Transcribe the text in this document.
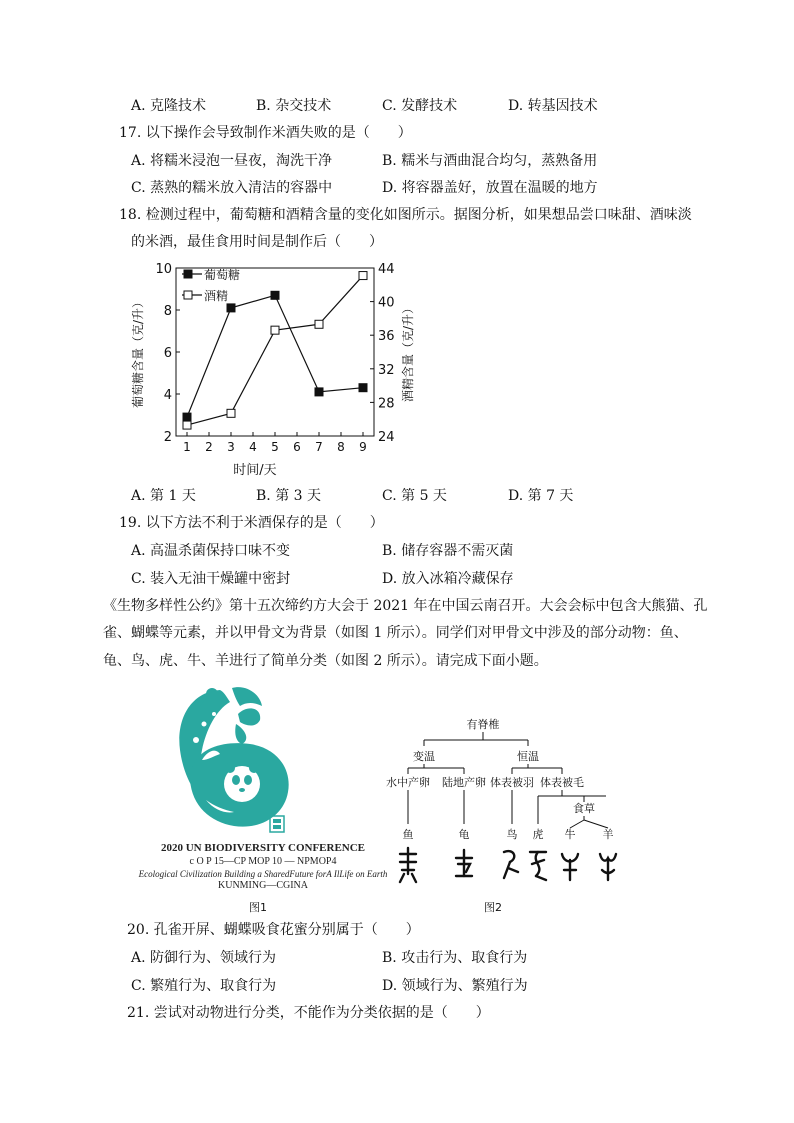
A. 克隆技术	B. 杂交技术	C. 发酵技术	D. 转基因技术
17. 以下操作会导致制作米酒失败的是（　　）
A. 将糯米浸泡一昼夜，淘洗干净	B. 糯米与酒曲混合均匀，蒸熟备用
C. 蒸熟的糯米放入清洁的容器中	D. 将容器盖好，放置在温暖的地方
18. 检测过程中，葡萄糖和酒精含量的变化如图所示。据图分析，如果想品尝口味甜、酒味淡
的米酒，最佳食用时间是制作后（　　）
1 2 3 4 5 6 7 8 9
2
4
6
8
10
24
28
32
36
40
44
时间/天
葡萄糖含量（克/升）	酒精含量（克/升）
葡萄糖
酒精
A. 第 1 天	B. 第 3 天	C. 第 5 天	D. 第 7 天
19. 以下方法不利于米酒保存的是（　　）
A. 高温杀菌保持口味不变	B. 储存容器不需灭菌
C. 装入无油干燥罐中密封	D. 放入冰箱冷藏保存
《生物多样性公约》第十五次缔约方大会于 2021 年在中国云南召开。大会会标中包含大熊猫、孔
雀、蝴蝶等元素，并以甲骨文为背景（如图 1 所示）。同学们对甲骨文中涉及的部分动物：鱼、
龟、鸟、虎、牛、羊进行了简单分类（如图 2 所示）。请完成下面小题。
2020 UN BIODIVERSITY CONFERENCE
c O P 15—CP MOP 10 — NPMOP4
Ecological Civilization Building a SharedFuture forA IlLife on Earth
KUNMING—CGINA
图1
有脊椎
变温	恒温
水中产卵 陆地产卵 体表被羽 体表被毛
食草
鱼	龟	鸟 虎 牛 羊
图2
20. 孔雀开屏、蝴蝶吸食花蜜分别属于（　　）
A. 防御行为、领域行为	B. 攻击行为、取食行为
C. 繁殖行为、取食行为	D. 领域行为、繁殖行为
21. 尝试对动物进行分类，不能作为分类依据的是（　　）
